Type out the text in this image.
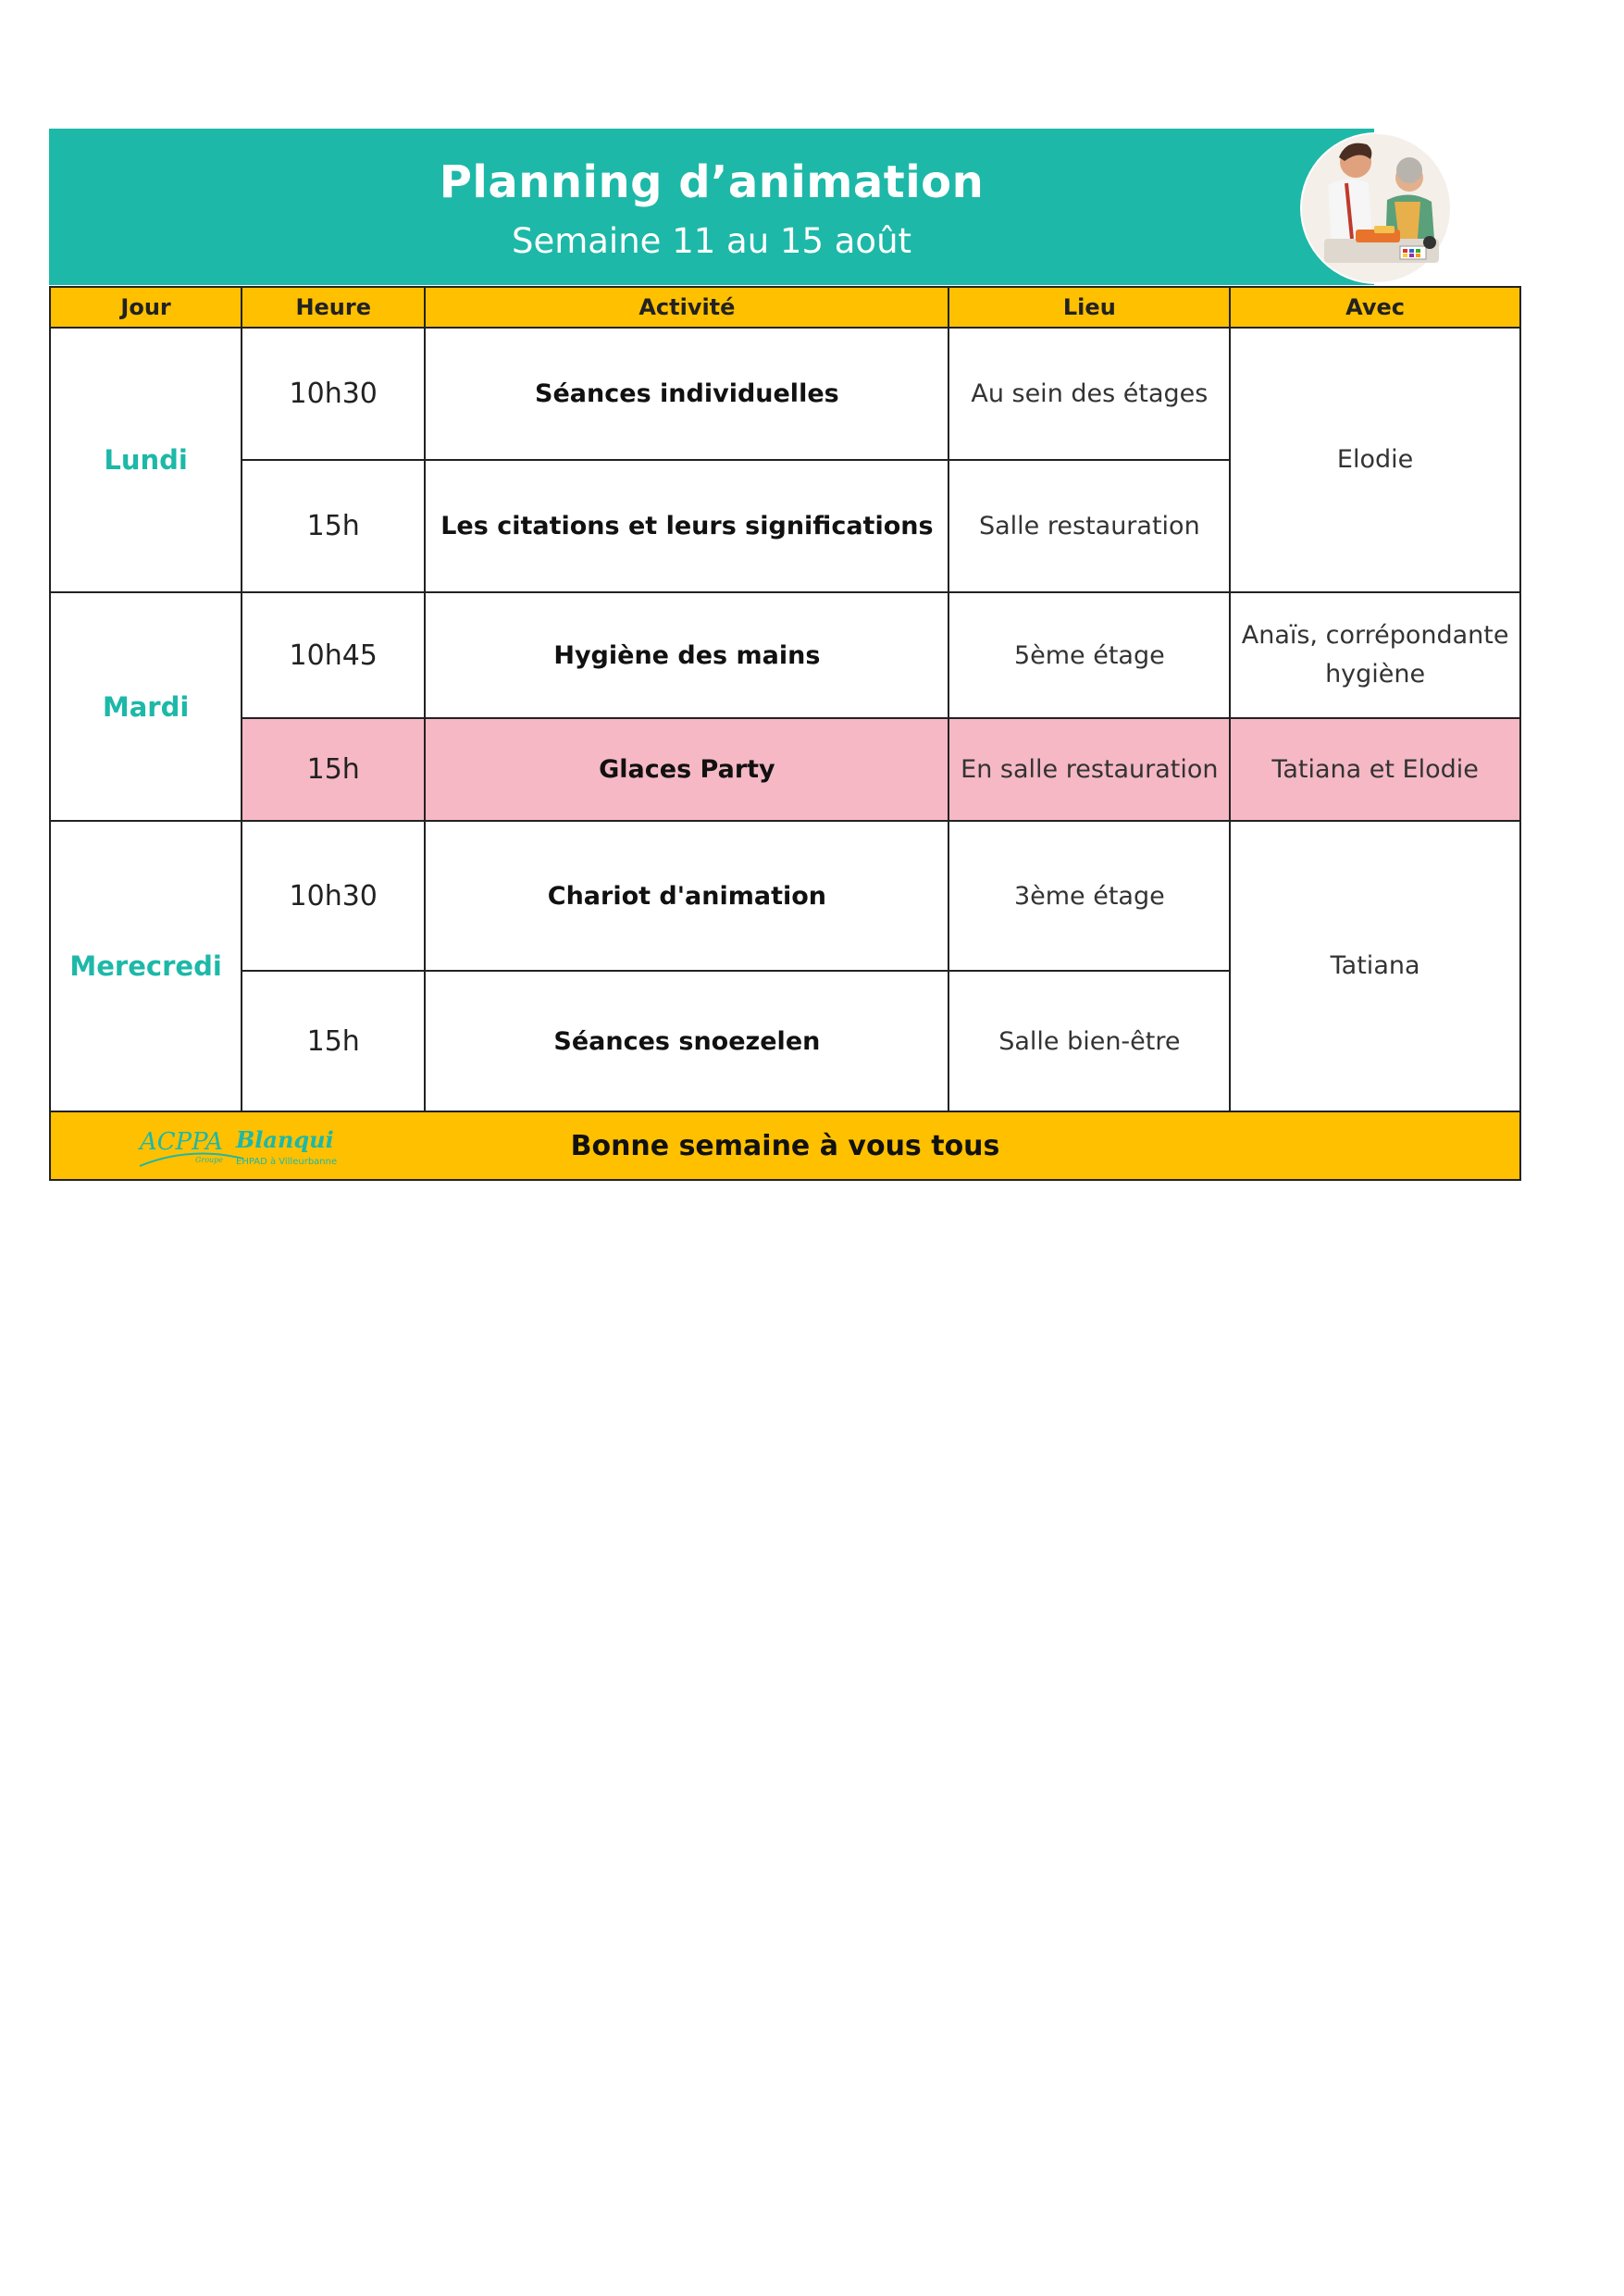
Planning d’animation
Semaine 11 au 15 août
Jour	Heure	Activité	Lieu	Avec
Lundi	10h30	Séances individuelles	Au sein des étages	Elodie
	15h	Les citations et leurs significations	Salle restauration	
Mardi	10h45	Hygiène des mains	5ème étage	Anaïs, corrépondante hygiène
	15h	Glaces Party	En salle restauration	Tatiana et Elodie
Merecredi	10h30	Chariot d'animation	3ème étage	Tatiana
	15h	Séances snoezelen	Salle bien-être	

ACPPA
Groupe
Blanqui
EHPAD à Villeurbanne Bonne semaine à vous tous				
